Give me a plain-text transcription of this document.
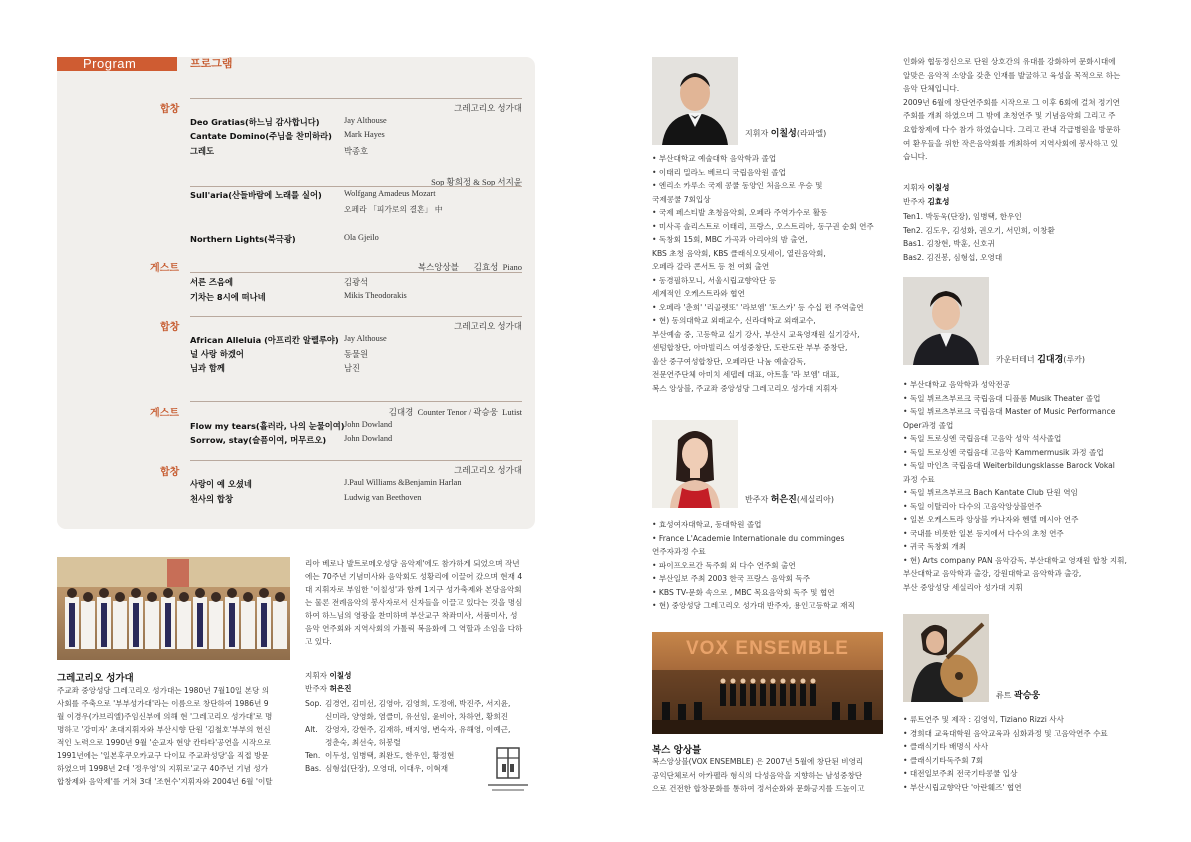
Program	프로그램
합창	그레고리오 성가대
Deo Gratias(하느님 감사합니다)	Jay Althouse
Cantate Domino(주님을 찬미하라) Mark Hayes
그레도	박종호
Sop 황희정 & Sop 서지윤
Sull'aria(산들바람에 노래를 실어)	Wolfgang Amadeus Mozart
오페라 「피가로의 결혼」 中
Northern Lights(북극광)	Ola Gjeilo
게스트	복스앙상블       김효성  Piano
서른 즈음에	김광석
기차는 8시에 떠나네	Mikis Theodorakis
합창	그레고리오 성가대
African Alleluia (아프리칸 알렐루야) Jay Althouse
널 사랑 하겠어	동물원
님과 함께	남진
게스트	김대경  Counter Tenor / 곽승웅  Lutist
Flow my tears(흘러라, 나의 눈물이여) John Dowland
Sorrow, stay(슬픔이여, 머무르오) John Dowland
합창	그레고리오 성가대
사랑이 예 오셨네	J.Paul Williams &Benjamin Harlan
천사의 합창	Ludwig van Beethoven
그레고리오 성가대
주교좌 중앙성당 그레고리오 성가대는 1980년 7월10일 본당 의
사회를 주축으로 '부부성가대'라는 이름으로 창단하여 1986년 9
월 이경우(가브리엘)주임신부에 의해 현 '그레고리오 성가대'로 명
명하고 '강미자' 초대지휘자와 부산시향 단원 '김철호'부부의 헌신
적인 노력으로 1990년 9월 '순교자 현양 칸타타'공연을 시작으로
1991년에는 '일본후쿠오카교구 다이묘 주교좌성당'을 직접 방문
하였으며 1998년 2대 '정우영'의 지휘로'교구 40주년 기념 성가
합창제와 음악제'를 거쳐 3대 '조현수'지휘자와 2004년 6월 '이탈
리아 베로나 발트로메오성당 음악제'에도 참가하게 되었으며 작년
에는 70주년 기념미사와 음악회도 성황리에 이끌어 갔으며 현재 4
대 지휘자로 부임한 '이칠성'과 함께 1지구 성가축제와 본당음악회
는 물론 전례음악의 봉사자로서 신자들을 이끌고 있다는 것을 명심
하여 하느님의 영광을 찬미하며 부산교구 착좌미사, 서품미사, 성
음악 연주회와 지역사회의 가톨릭 복음화에 그 역할과 소임을 다하
고 있다.
지휘자 이칠성
반주자 허은진
Sop. 김경연, 김미선, 김영아, 김영희, 도정애, 박진주, 서지윤,
신미라, 양영화, 염클미, 유선임, 윤비아, 차하연, 황희진
Alt. 강영자, 강현주, 김재하, 배지영, 변숙자, 유해영, 이예근,
정춘숙, 최선숙, 허봉렬
Ten. 이두성, 임병택, 최완도, 한우인, 황정현
Bas. 심형섭(단장), 오영대, 이대우, 이혁재
지휘자 이칠성(라파엘)
• 부산대학교 예술대학 음악학과 졸업
• 이태리 밀라노 베르디 국립음악원 졸업
• 엔리소 카루소 국제 콩쿨 동양인 처음으로 우승 및
국제콩쿨 7회입상
• 국제 페스티발 초청음악회, 오페라 주역가수로 활동
• 미사곡 솔리스트로 이태리, 프랑스, 오스트리아, 동구권 순회 연주
• 독창회 15회, MBC 가곡과 아리아의 밤 출연,
KBS 초청 음악회, KBS 클래식오딧세이, 열린음악회,
오페라 갈라 콘서트 등 천 여회 출연
• 동경필하모니, 서울시립교향악단 등
세계적인 오케스트라와 협연
• 오페라 '춘희' '리골렛또' '라보엠' '토스카' 등 수십 편 주역출연
• 현) 동의대학교 외래교수, 신라대학교 외래교수,
부산예술 중, 고등학교 실기 강사, 부산시 교육영재원 실기강사,
센텀합창단, 아마빌리스 여성중창단, 도란도란 부부 중창단,
울산 중구여성합창단, 오페라단 나눔 예술감독,
전문연주단체 아미치 세뎁레 대표, 아트홀 '라 보엠' 대표,
복스 앙상블, 주교좌 중앙성당 그레고리오 성가대 지휘자
반주자 허은진(세실리아)
• 효성여자대학교, 동대학원 졸업
• France L'Academie Internationale du comminges
연주자과정 수료
• 파이프오르간 독주회 외 다수 연주회 출연
• 부산일보 주최 2003 한국 프랑스 음악회 독주
• KBS TV-문화 속으로 , MBC 목요음악회 독주 및 협연
• 현) 중앙성당 그레고리오 성가대 반주자, 용인고등학교 재직
VOX ENSEMBLE
복스 앙상블
복스앙상블(VOX ENSEMBLE) 은 2007년 5월에 창단된 비영리
공익단체로서 아카펠라 형식의 다성음악을 지향하는 남성중창단
으로 건전한 합창문화를 통하여 정서순화와 문화긍지를 드높이고
인화와 협동정신으로 단원 상호간의 유대를 강화하여 문화시대에
알맞은 음악적 소양을 갖춘 인재를 발굴하고 육성을 목적으로 하는
음악 단체입니다.
2009년 6월에 창단연주회를 시작으로 그 이후 6회에 걸쳐 정기연
주회를 개최 하였으며 그 밖에 초청연주 및 기념음악회 그리고 주
요합창제에 다수 참가 하였습니다. 그리고 관내 각급병원을 방문하
여 환우들을 위한 작은음악회를 개최하여 지역사회에 봉사하고 있
습니다.
지휘자 이칠성
반주자 김효성
Ten1. 박동욱(단장), 임병택, 한우인
Ten2. 김도우, 김성화, 권오기, 서민희, 이창환
Bas1. 김창현, 박훈, 신호귀
Bas2. 김진봉, 심형섭, 오영대
카운터테너 김대경(루카)
• 부산대학교 음악학과 성악전공
• 독일 뷔르츠부르크 국립음대 디플롬 Musik Theater 졸업
• 독일 뷔르츠부르크 국립음대 Master of Music Performance
Oper과정 졸업
• 독일 트로싱엔 국립음대 고음악 성악 석사졸업
• 독일 트로싱엔 국립음대 고음악 Kammermusik 과정 졸업
• 독일 마인츠 국립음대 Weiterbildungsklasse Barock Vokal
과정 수료
• 독일 뷔르츠부르크 Bach Kantate Club 단원 역임
• 독일 이탈리아 다수의 고음악앙상블연주
• 일본 오케스트라 앙상블 카나자와 헨델 메시아 연주
• 국내를 비롯한 일본 등지에서 다수의 초청 연주
• 귀국 독창회 개최
• 현) Arts company PAN 음악감독, 부산대학교 영재원 합창 지휘,
부산대학교 음악학과 출강, 강원대학교 음악학과 출강,
부산 중앙성당 세실리아 성가대 지휘
류트 곽승웅
• 류트연주 및 제작 : 김영익, Tiziano Rizzi 사사
• 경희대 교육대학원 음악교육과 심화과정 및 고음악연주 수료
• 클래식기타 배명식 사사
• 클래식기타독주회 7회
• 대전일보주최 전국기타콩쿨 입상
• 부산시립교향악단 '아란훼즈' 협연
